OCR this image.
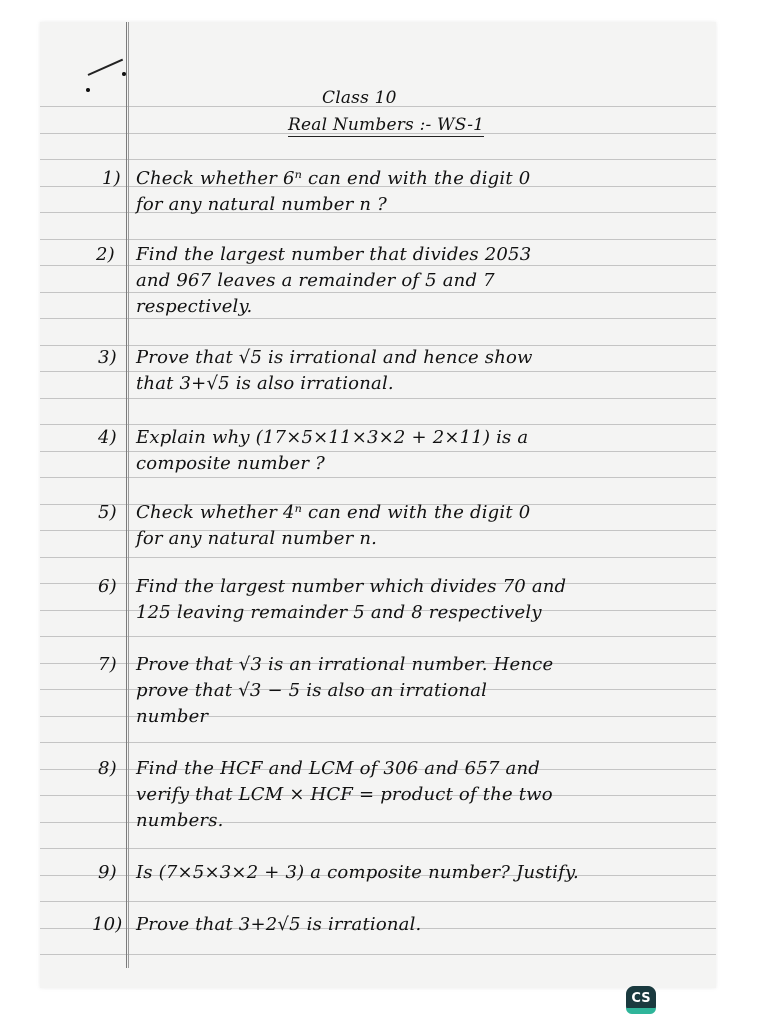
Class 10
Real Numbers :- WS-1
1) Check whether 6ⁿ can end with the digit 0
for any natural number n ?
2) Find the largest number that divides 2053
and 967 leaves a remainder of 5 and 7
respectively.
3) Prove that √5 is irrational and hence show
that 3+√5 is also irrational.
4) Explain why (17×5×11×3×2 + 2×11) is a
composite number ?
5) Check whether 4ⁿ can end with the digit 0
for any natural number n.
6) Find the largest number which divides 70 and
125 leaving remainder 5 and 8 respectively
7) Prove that √3 is an irrational number. Hence
prove that √3 − 5 is also an irrational
number
8) Find the HCF and LCM of 306 and 657 and
verify that LCM × HCF = product of the two
numbers.
9) Is (7×5×3×2 + 3) a composite number? Justify.
10) Prove that 3+2√5 is irrational.
CS
